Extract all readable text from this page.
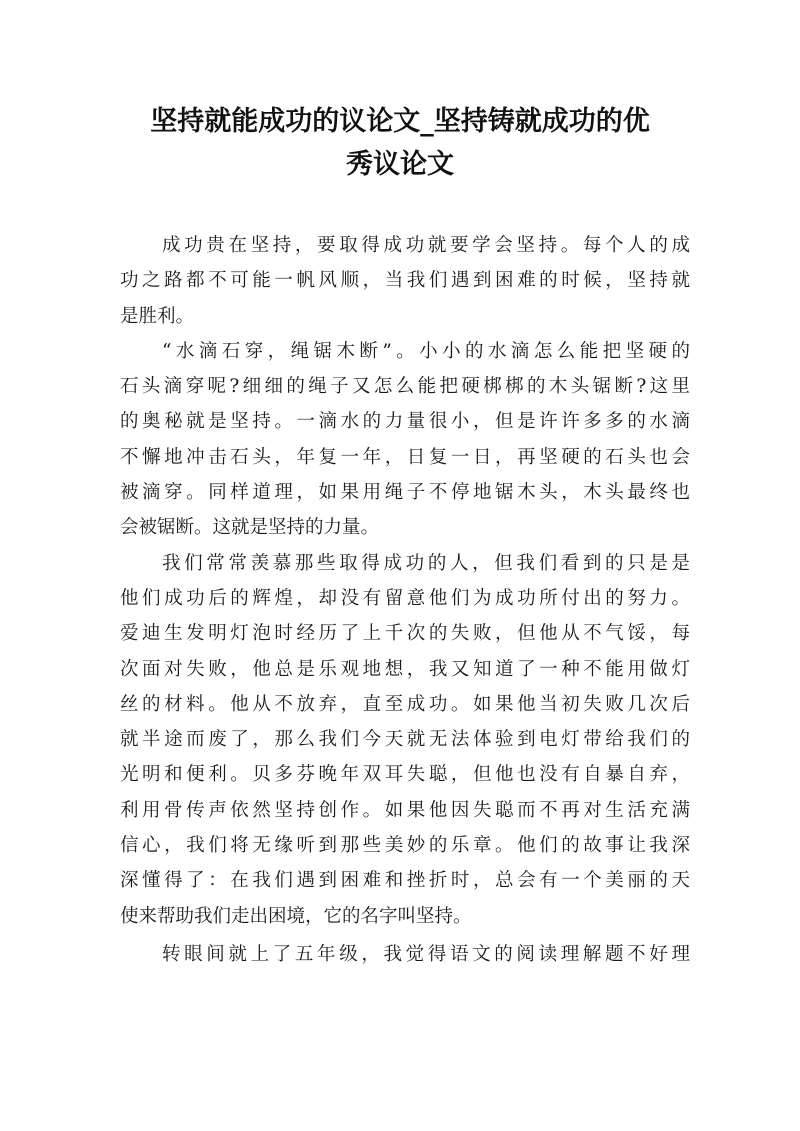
坚持就能成功的议论文_坚持铸就成功的优
秀议论文
成功贵在坚持，要取得成功就要学会坚持。每个人的成
功之路都不可能一帆风顺，当我们遇到困难的时候，坚持就
是胜利。
“水滴石穿，绳锯木断”。小小的水滴怎么能把坚硬的
石头滴穿呢?细细的绳子又怎么能把硬梆梆的木头锯断?这里
的奥秘就是坚持。一滴水的力量很小，但是许许多多的水滴
不懈地冲击石头，年复一年，日复一日，再坚硬的石头也会
被滴穿。同样道理，如果用绳子不停地锯木头，木头最终也
会被锯断。这就是坚持的力量。
我们常常羡慕那些取得成功的人，但我们看到的只是是
他们成功后的辉煌，却没有留意他们为成功所付出的努力。
爱迪生发明灯泡时经历了上千次的失败，但他从不气馁，每
次面对失败，他总是乐观地想，我又知道了一种不能用做灯
丝的材料。他从不放弃，直至成功。如果他当初失败几次后
就半途而废了，那么我们今天就无法体验到电灯带给我们的
光明和便利。贝多芬晚年双耳失聪，但他也没有自暴自弃，
利用骨传声依然坚持创作。如果他因失聪而不再对生活充满
信心，我们将无缘听到那些美妙的乐章。他们的故事让我深
深懂得了：在我们遇到困难和挫折时，总会有一个美丽的天
使来帮助我们走出困境，它的名字叫坚持。
转眼间就上了五年级，我觉得语文的阅读理解题不好理
